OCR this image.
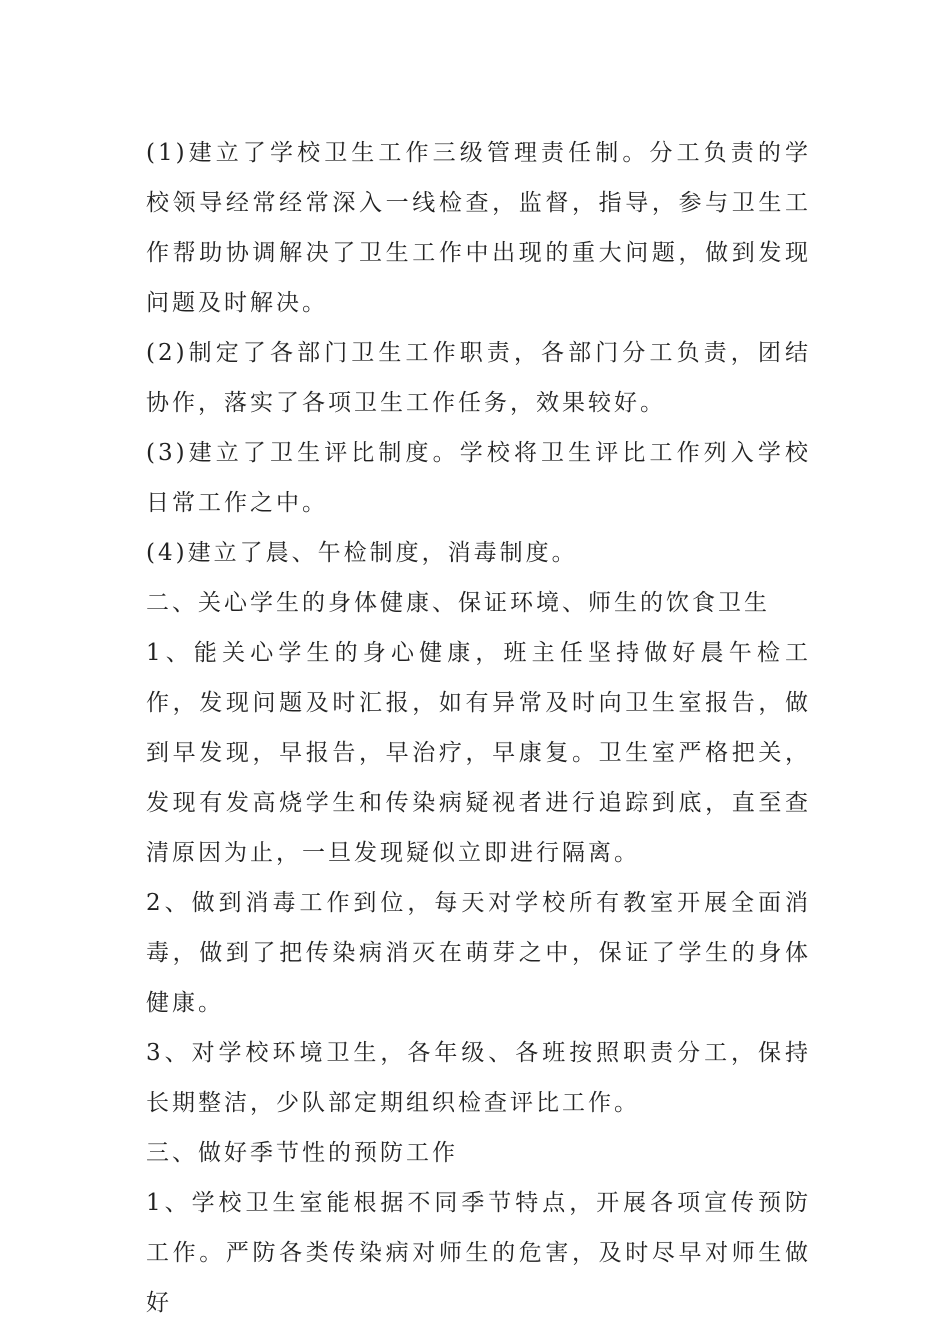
(1)建立了学校卫生工作三级管理责任制。分工负责的学校领导经常经常深入一线检查，监督，指导，参与卫生工作帮助协调解决了卫生工作中出现的重大问题，做到发现问题及时解决。

(2)制定了各部门卫生工作职责，各部门分工负责，团结协作，落实了各项卫生工作任务，效果较好。

(3)建立了卫生评比制度。学校将卫生评比工作列入学校日常工作之中。

(4)建立了晨、午检制度，消毒制度。

二、关心学生的身体健康、保证环境、师生的饮食卫生

1、能关心学生的身心健康，班主任坚持做好晨午检工作，发现问题及时汇报，如有异常及时向卫生室报告，做到早发现，早报告，早治疗，早康复。卫生室严格把关，发现有发高烧学生和传染病疑视者进行追踪到底，直至查清原因为止，一旦发现疑似立即进行隔离。

2、做到消毒工作到位，每天对学校所有教室开展全面消毒，做到了把传染病消灭在萌芽之中，保证了学生的身体健康。

3、对学校环境卫生，各年级、各班按照职责分工，保持长期整洁，少队部定期组织检查评比工作。

三、做好季节性的预防工作

1、学校卫生室能根据不同季节特点，开展各项宣传预防工作。严防各类传染病对师生的危害，及时尽早对师生做好
